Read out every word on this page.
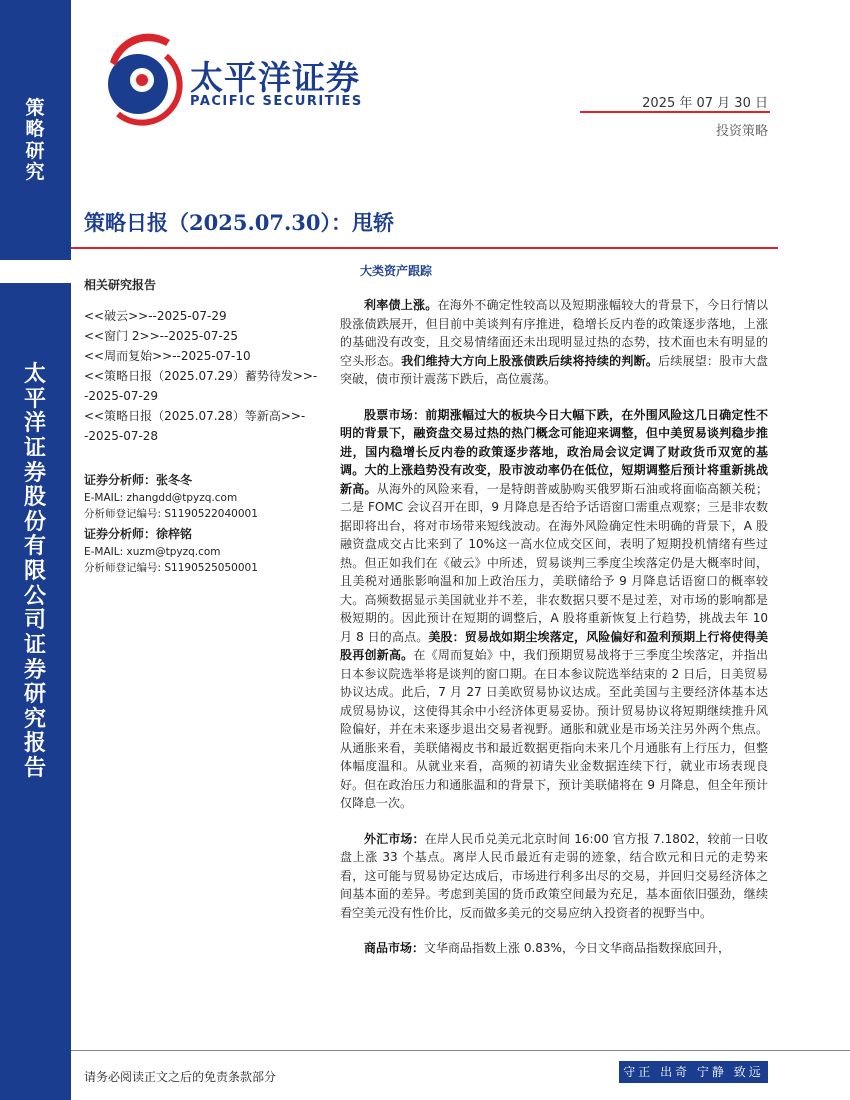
策略研究
太平洋证券股份有限公司证券研究报告
太平洋证券
PACIFIC SECURITIES	2025 年 07 月 30 日
投资策略
策略日报（2025.07.30）：甩轿
大类资产跟踪
相关研究报告
<<破云>>--2025-07-29
<<窗门 2>>--2025-07-25
<<周而复始>>--2025-07-10
<<策略日报（2025.07.29）蓄势待发>>--2025-07-29
<<策略日报（2025.07.28）等新高>>--2025-07-28
证券分析师：张冬冬
E-MAIL: zhangdd@tpyzq.com
分析师登记编号: S1190522040001
证券分析师：徐梓铭
E-MAIL: xuzm@tpyzq.com
分析师登记编号: S1190525050001

利率债上涨。在海外不确定性较高以及短期涨幅较大的背景下，今日行情以股涨债跌展开，但目前中美谈判有序推进，稳增长反内卷的政策逐步落地，上涨的基础没有改变，且交易情绪面还未出现明显过热的态势，技术面也未有明显的空头形态。我们维持大方向上股涨债跌后续将持续的判断。后续展望：股市大盘突破，债市预计震荡下跌后，高位震荡。

股票市场：前期涨幅过大的板块今日大幅下跌，在外围风险这几日确定性不明的背景下，融资盘交易过热的热门概念可能迎来调整，但中美贸易谈判稳步推进，国内稳增长反内卷的政策逐步落地，政治局会议定调了财政货币双宽的基调。大的上涨趋势没有改变，股市波动率仍在低位，短期调整后预计将重新挑战新高。从海外的风险来看，一是特朗普威胁购买俄罗斯石油或将面临高额关税；二是 FOMC 会议召开在即，9 月降息是否给予话语窗口需重点观察；三是非农数据即将出台，将对市场带来短线波动。在海外风险确定性未明确的背景下，A 股融资盘成交占比来到了 10%这一高水位成交区间，表明了短期投机情绪有些过热。但正如我们在《破云》中所述，贸易谈判三季度尘埃落定仍是大概率时间，且美税对通胀影响温和加上政治压力，美联储给予 9 月降息话语窗口的概率较大。高频数据显示美国就业并不差，非农数据只要不是过差，对市场的影响都是极短期的。因此预计在短期的调整后，A 股将重新恢复上行趋势，挑战去年 10 月 8 日的高点。美股：贸易战如期尘埃落定，风险偏好和盈利预期上行将使得美股再创新高。在《周而复始》中，我们预期贸易战将于三季度尘埃落定，并指出日本参议院选举将是谈判的窗口期。在日本参议院选举结束的 2 日后，日美贸易协议达成。此后，7 月 27 日美欧贸易协议达成。至此美国与主要经济体基本达成贸易协议，这使得其余中小经济体更易妥协。预计贸易协议将短期继续推升风险偏好，并在未来逐步退出交易者视野。通胀和就业是市场关注另外两个焦点。从通胀来看，美联储褐皮书和最近数据更指向未来几个月通胀有上行压力，但整体幅度温和。从就业来看，高频的初请失业金数据连续下行，就业市场表现良好。但在政治压力和通胀温和的背景下，预计美联储将在 9 月降息，但全年预计仅降息一次。

外汇市场：在岸人民币兑美元北京时间 16:00 官方报 7.1802，较前一日收盘上涨 33 个基点。离岸人民币最近有走弱的迹象，结合欧元和日元的走势来看，这可能与贸易协定达成后，市场进行利多出尽的交易，并回归交易经济体之间基本面的差异。考虑到美国的货币政策空间最为充足，基本面依旧强劲，继续看空美元没有性价比，反而做多美元的交易应纳入投资者的视野当中。

商品市场：文华商品指数上涨 0.83%，今日文华商品指数探底回升，

请务必阅读正文之后的免责条款部分	守正 出奇 宁静 致远
